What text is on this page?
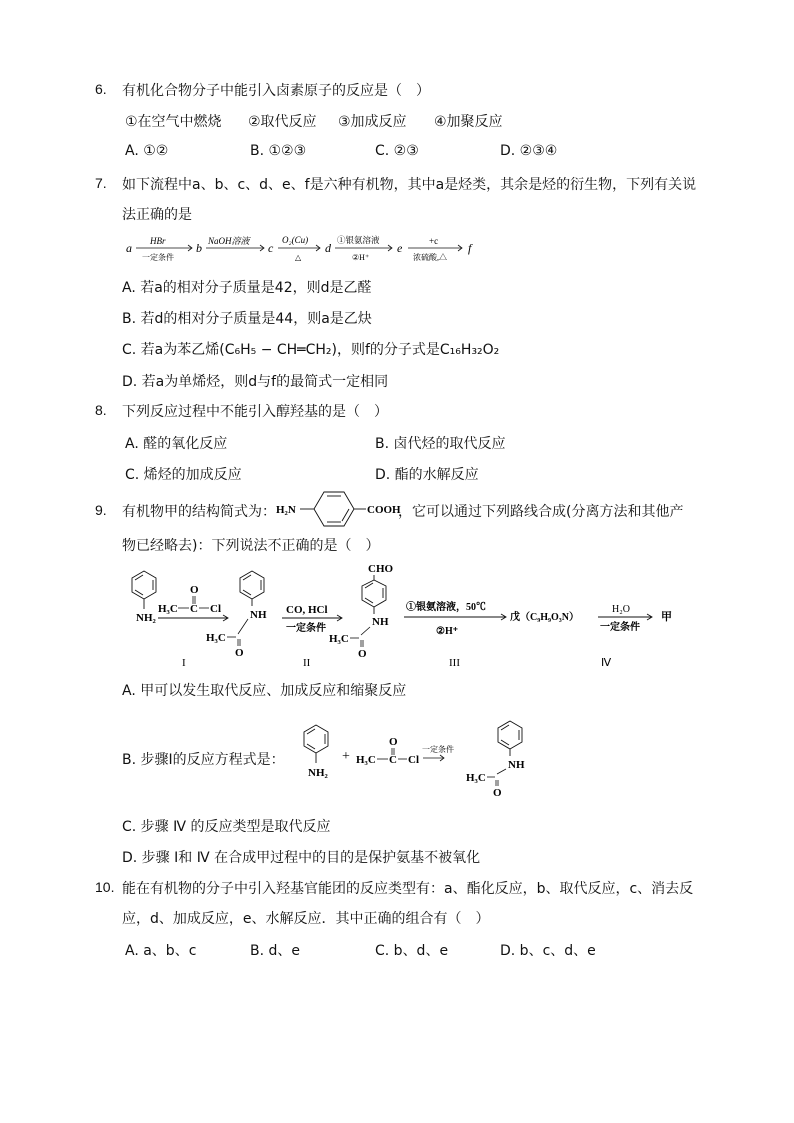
6. 有机化合物分子中能引入卤素原子的反应是（　）
①在空气中燃烧 ②取代反应 ③加成反应 ④加聚反应
A. ①②	B. ①②③	C. ②③	D. ②③④
7. 如下流程中a、b、c、d、e、f是六种有机物，其中a是烃类，其余是烃的衍生物，下列有关说
法正确的是
a HBr
一定条件
b NaOH溶液 c
O₂(Cu)
△
d
①银氨溶液
②H⁺
e	+c
浓硫酸,△
f
A. 若a的相对分子质量是42，则d是乙醛
B. 若d的相对分子质量是44，则a是乙炔
C. 若a为苯乙烯(C₆H₅ − CH═CH₂)，则f的分子式是C₁₆H₃₂O₂
D. 若a为单烯烃，则d与f的最简式一定相同
8. 下列反应过程中不能引入醇羟基的是（　）
A. 醛的氧化反应	B. 卤代烃的取代反应
C. 烯烃的加成反应	D. 酯的水解反应
9. 有机物甲的结构简式为： H₂N	COOH
，它可以通过下列路线合成(分离方法和其他产
物已经略去)：下列说法不正确的是（　）
NH₂
O
H₃C C Cl	NH
H₃C
O
CO, HCl
一定条件
CHO
NH
H₃C
O
①银氨溶液，50℃
②H⁺
戊（C₉H₉O₃N）
H₂O
一定条件
甲
I	II	III	Ⅳ
A. 甲可以发生取代反应、加成反应和缩聚反应
B. 步骤Ⅰ的反应方程式是：
NH₂
+
O
H₃C C Cl
一定条件
NH
H₃C
O
C. 步骤 Ⅳ 的反应类型是取代反应
D. 步骤 Ⅰ和 Ⅳ 在合成甲过程中的目的是保护氨基不被氧化
10. 能在有机物的分子中引入羟基官能团的反应类型有：a、酯化反应，b、取代反应，c、消去反
应，d、加成反应，e、水解反应．其中正确的组合有（　）
A. a、b、c	B. d、e	C. b、d、e	D. b、c、d、e
